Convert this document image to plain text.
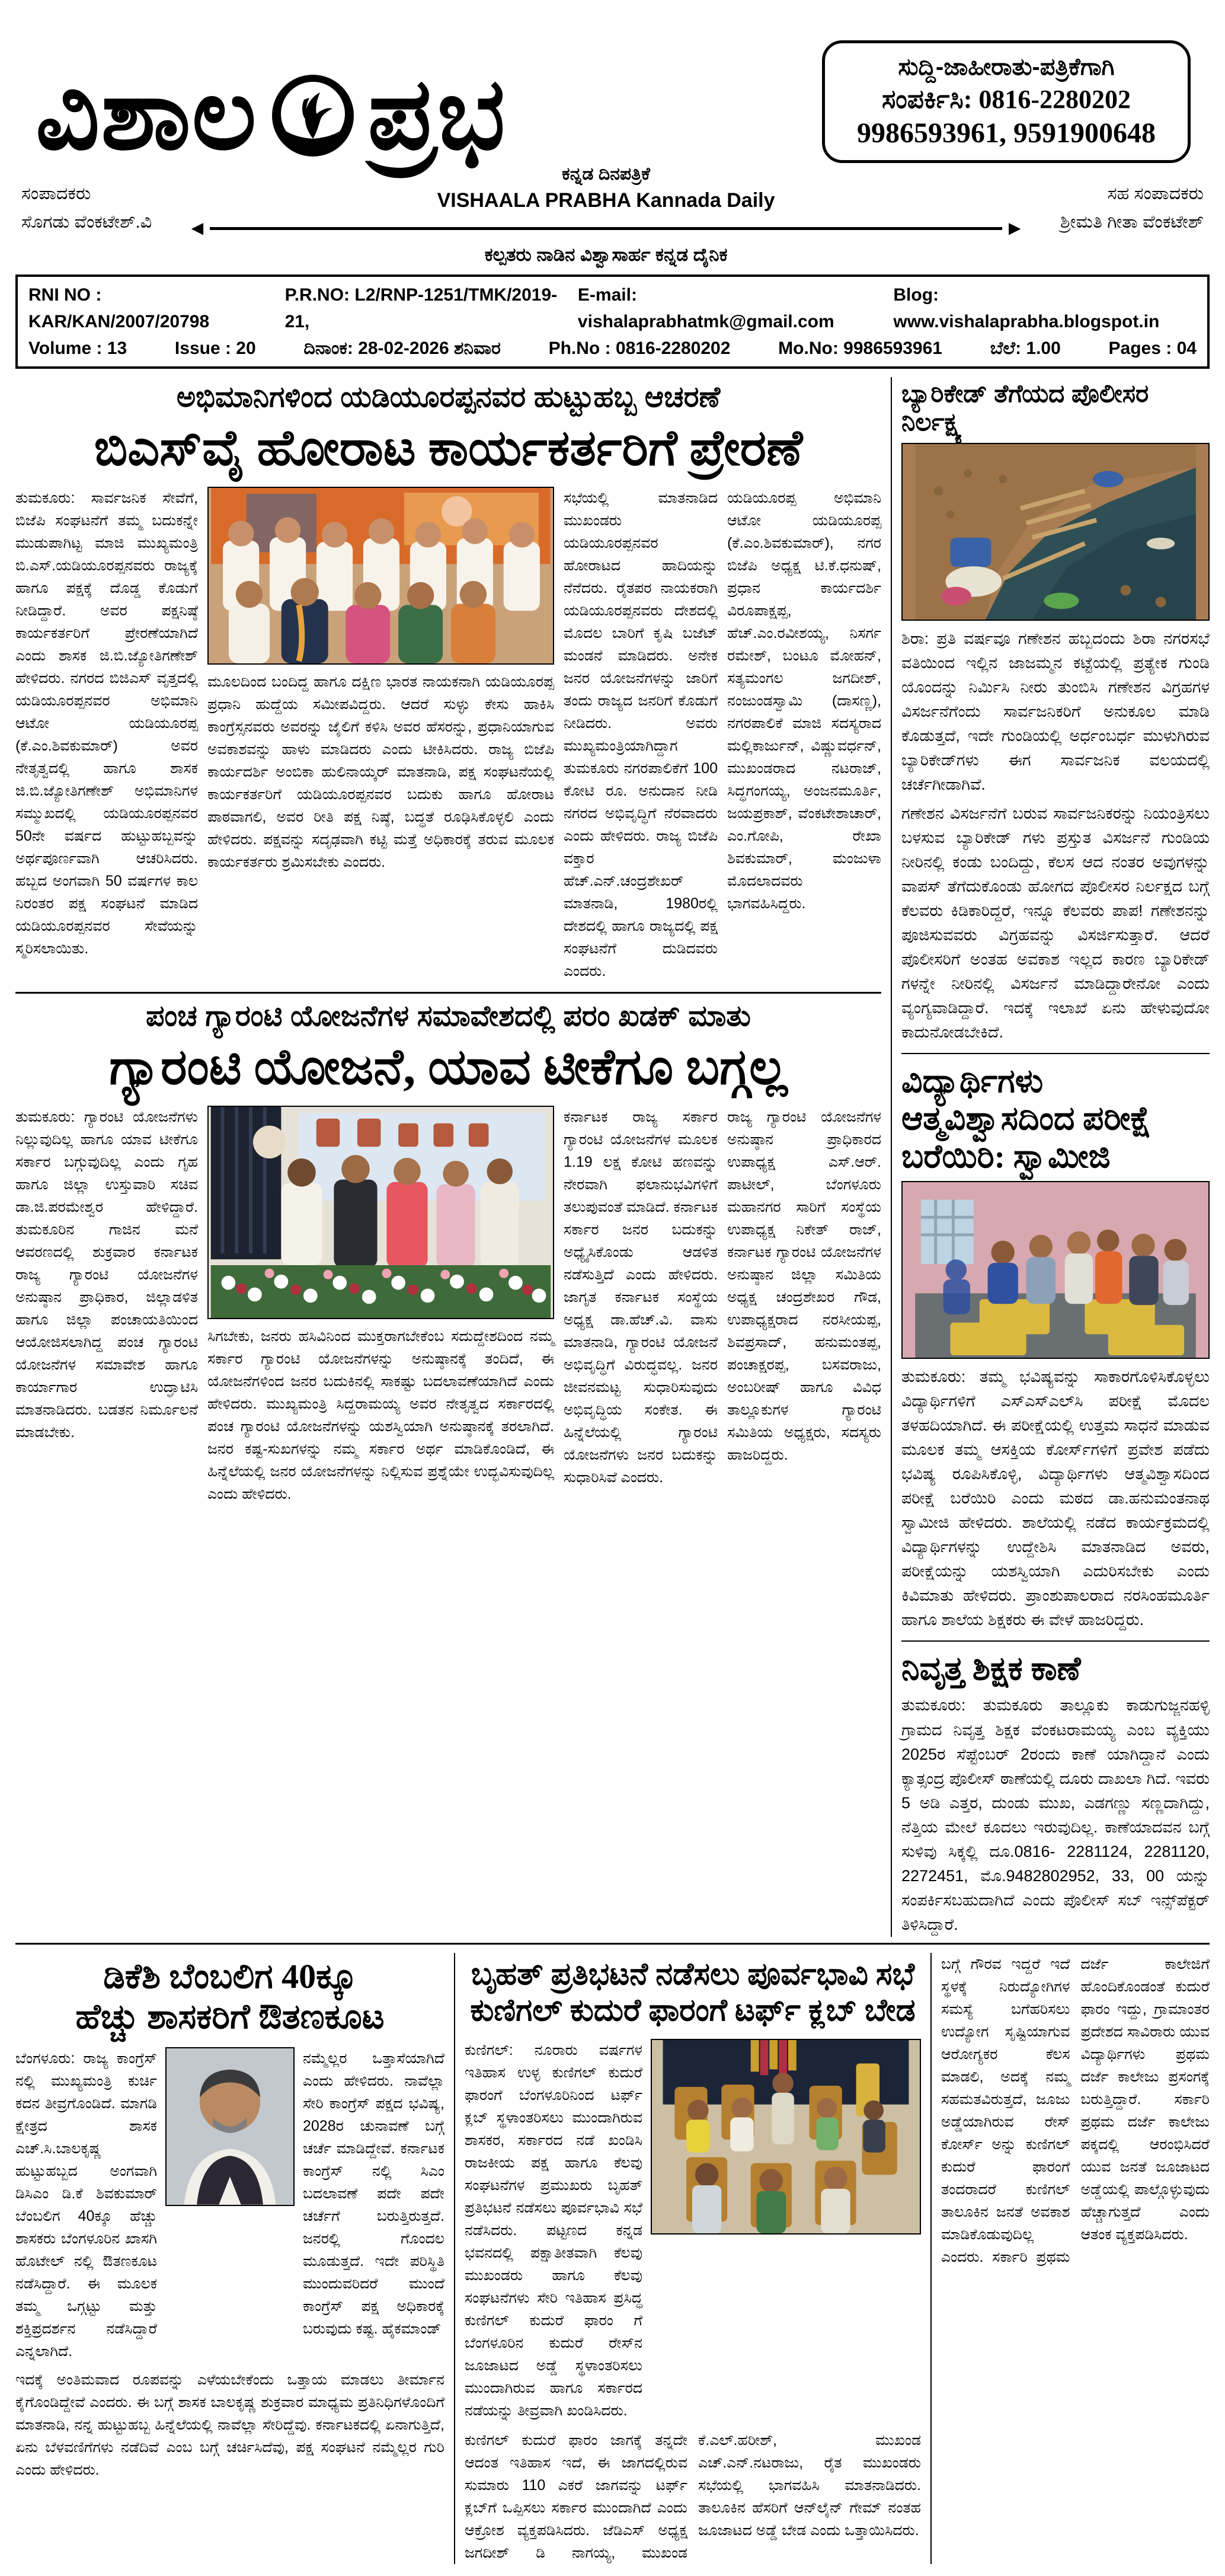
ವಿಶಾಲ ಪ್ರಭ	ಸುದ್ದಿ-ಜಾಹೀರಾತು-ಪತ್ರಿಕೆಗಾಗಿ
ಸಂಪರ್ಕಿಸಿ: 0816-2280202
9986593961, 9591900648
ಸಂಪಾದಕರು
ಸೊಗಡು ವೆಂಕಟೇಶ್.ವಿ
ಕನ್ನಡ ದಿನಪತ್ರಿಕೆ
VISHAALA PRABHA Kannada Daily
◄	►
ಕಲ್ಪತರು ನಾಡಿನ ವಿಶ್ವಾಸಾರ್ಹ ಕನ್ನಡ ದೈನಿಕ
ಸಹ ಸಂಪಾದಕರು
ಶ್ರೀಮತಿ ಗೀತಾ ವೆಂಕಟೇಶ್
RNI NO : KAR/KAN/2007/20798
P.R.NO: L2/RNP-1251/TMK/2019-21,
E-mail: vishalaprabhatmk@gmail.com
Blog: www.vishalaprabha.blogspot.in
Volume : 13	Issue : 20	ದಿನಾಂಕ: 28-02-2026 ಶನಿವಾರ	Ph.No : 0816-2280202	Mo.No: 9986593961	ಬೆಲೆ: 1.00	Pages : 04
ಅಭಿಮಾನಿಗಳಿಂದ ಯಡಿಯೂರಪ್ಪನವರ ಹುಟ್ಟುಹಬ್ಬ ಆಚರಣೆ
ಬಿಎಸ್‌ವೈ ಹೋರಾಟ ಕಾರ್ಯಕರ್ತರಿಗೆ ಪ್ರೇರಣೆ
ತುಮಕೂರು: ಸಾರ್ವಜನಿಕ ಸೇವೆಗೆ, ಬಿಜೆಪಿ ಸಂಘಟನೆಗೆ ತಮ್ಮ ಬದುಕನ್ನೇ ಮುಡುಪಾಗಿಟ್ಟ ಮಾಜಿ ಮುಖ್ಯಮಂತ್ರಿ ಬಿ.ಎಸ್.ಯಡಿಯೂರಪ್ಪನವರು ರಾಜ್ಯಕ್ಕೆ ಹಾಗೂ ಪಕ್ಷಕ್ಕೆ ದೊಡ್ಡ ಕೊಡುಗೆ ನೀಡಿದ್ದಾರೆ. ಅವರ ಪಕ್ಷನಿಷ್ಠೆ ಕಾರ್ಯಕರ್ತರಿಗೆ ಪ್ರೇರಣೆಯಾಗಿದೆ ಎಂದು ಶಾಸಕ ಜಿ.ಬಿ.ಜ್ಯೋತಿಗಣೇಶ್ ಹೇಳಿದರು. ನಗರದ ಬಿಜಿಎಸ್ ವೃತ್ತದಲ್ಲಿ ಯಡಿಯೂರಪ್ಪನವರ ಅಭಿಮಾನಿ ಆಟೋ ಯಡಿಯೂರಪ್ಪ (ಕೆ.ಎಂ.ಶಿವಕುಮಾರ್) ಅವರ ನೇತೃತ್ವದಲ್ಲಿ ಹಾಗೂ ಶಾಸಕ ಜಿ.ಬಿ.ಜ್ಯೋತಿಗಣೇಶ್ ಅಭಿಮಾನಿಗಳ ಸಮ್ಮುಖದಲ್ಲಿ ಯಡಿಯೂರಪ್ಪನವರ 50ನೇ ವರ್ಷದ ಹುಟ್ಟುಹಬ್ಬವನ್ನು ಅರ್ಥಪೂರ್ಣವಾಗಿ ಆಚರಿಸಿದರು. ಹಬ್ಬದ ಅಂಗವಾಗಿ 50 ವರ್ಷಗಳ ಕಾಲ ನಿರಂತರ ಪಕ್ಷ ಸಂಘಟನೆ ಮಾಡಿದ ಯಡಿಯೂರಪ್ಪನವರ ಸೇವೆಯನ್ನು ಸ್ಮರಿಸಲಾಯಿತು.
ಮೂಲದಿಂದ ಬಂದಿದ್ದ ಹಾಗೂ ದಕ್ಷಿಣ ಭಾರತ ನಾಯಕನಾಗಿ ಯಡಿಯೂರಪ್ಪ ಪ್ರಧಾನಿ ಹುದ್ದೆಯ ಸಮೀಪವಿದ್ದರು. ಆದರೆ ಸುಳ್ಳು ಕೇಸು ಹಾಕಿಸಿ ಕಾಂಗ್ರೆಸ್ಸನವರು ಅವರನ್ನು ಜೈಲಿಗೆ ಕಳಿಸಿ ಅವರ ಹೆಸರನ್ನು, ಪ್ರಧಾನಿಯಾಗುವ ಅವಕಾಶವನ್ನು ಹಾಳು ಮಾಡಿದರು ಎಂದು ಟೀಕಿಸಿದರು. ರಾಜ್ಯ ಬಿಜೆಪಿ ಕಾರ್ಯದರ್ಶಿ ಅಂಬಿಕಾ ಹುಲಿನಾಯ್ಕರ್ ಮಾತನಾಡಿ, ಪಕ್ಷ ಸಂಘಟನೆಯಲ್ಲಿ ಕಾರ್ಯಕರ್ತರಿಗೆ ಯಡಿಯೂರಪ್ಪನವರ ಬದುಕು ಹಾಗೂ ಹೋರಾಟ ಪಾಠವಾಗಲಿ, ಅವರ ರೀತಿ ಪಕ್ಷ ನಿಷ್ಠೆ, ಬದ್ಧತೆ ರೂಢಿಸಿಕೊಳ್ಳಲಿ ಎಂದು ಹೇಳಿದರು. ಪಕ್ಷವನ್ನು ಸದೃಢವಾಗಿ ಕಟ್ಟಿ ಮತ್ತೆ ಅಧಿಕಾರಕ್ಕೆ ತರುವ ಮೂಲಕ ಕಾರ್ಯಕರ್ತರು ಶ್ರಮಿಸಬೇಕು ಎಂದರು.
ಸಭೆಯಲ್ಲಿ ಮಾತನಾಡಿದ ಮುಖಂಡರು ಯಡಿಯೂರಪ್ಪನವರ ಹೋರಾಟದ ಹಾದಿಯನ್ನು ನೆನೆದರು. ರೈತಪರ ನಾಯಕರಾಗಿ ಯಡಿಯೂರಪ್ಪನವರು ದೇಶದಲ್ಲಿ ಮೊದಲ ಬಾರಿಗೆ ಕೃಷಿ ಬಜೆಟ್ ಮಂಡನೆ ಮಾಡಿದರು. ಅನೇಕ ಜನರ ಯೋಜನೆಗಳನ್ನು ಜಾರಿಗೆ ತಂದು ರಾಜ್ಯದ ಜನರಿಗೆ ಕೊಡುಗೆ ನೀಡಿದರು. ಅವರು ಮುಖ್ಯಮಂತ್ರಿಯಾಗಿದ್ದಾಗ ತುಮಕೂರು ನಗರಪಾಲಿಕೆಗೆ 100 ಕೋಟಿ ರೂ. ಅನುದಾನ ನೀಡಿ ನಗರದ ಅಭಿವೃದ್ಧಿಗೆ ನೆರವಾದರು ಎಂದು ಹೇಳಿದರು. ರಾಜ್ಯ ಬಿಜೆಪಿ ವಕ್ತಾರ ಹೆಚ್.ಎನ್.ಚಂದ್ರಶೇಖರ್ ಮಾತನಾಡಿ, 1980ರಲ್ಲಿ ದೇಶದಲ್ಲಿ ಹಾಗೂ ರಾಜ್ಯದಲ್ಲಿ ಪಕ್ಷ ಸಂಘಟನೆಗೆ ದುಡಿದವರು ಎಂದರು.
ಯಡಿಯೂರಪ್ಪ ಅಭಿಮಾನಿ ಆಟೋ ಯಡಿಯೂರಪ್ಪ (ಕೆ.ಎಂ.ಶಿವಕುಮಾರ್), ನಗರ ಬಿಜೆಪಿ ಅಧ್ಯಕ್ಷ ಟಿ.ಕೆ.ಧನುಷ್, ಪ್ರಧಾನ ಕಾರ್ಯದರ್ಶಿ ವಿರೂಪಾಕ್ಷಪ್ಪ, ಹೆಚ್.ಎಂ.ರವೀಶಯ್ಯ, ನಿಸರ್ಗ ರಮೇಶ್, ಬಂಟೂ ಮೋಹನ್, ಸತ್ಯಮಂಗಲ ಜಗದೀಶ್, ನಂಜುಂಡಸ್ವಾಮಿ (ದಾಸಣ್ಣ), ನಗರಪಾಲಿಕೆ ಮಾಜಿ ಸದಸ್ಯರಾದ ಮಲ್ಲಿಕಾರ್ಜುನ್, ವಿಷ್ಣುವರ್ಧನ್, ಮುಖಂಡರಾದ ನಟರಾಜ್, ಸಿದ್ಧಗಂಗಯ್ಯ, ಅಂಜನಮೂರ್ತಿ, ಜಯಪ್ರಕಾಶ್, ವೆಂಕಟೇಶಾಚಾರ್, ಎಂ.ಗೋಪಿ, ರೇಖಾ ಶಿವಕುಮಾರ್, ಮಂಜುಳಾ ಮೊದಲಾದವರು ಭಾಗವಹಿಸಿದ್ದರು.
ಪಂಚ ಗ್ಯಾರಂಟಿ ಯೋಜನೆಗಳ ಸಮಾವೇಶದಲ್ಲಿ ಪರಂ ಖಡಕ್ ಮಾತು
ಗ್ಯಾರಂಟಿ ಯೋಜನೆ, ಯಾವ ಟೀಕೆಗೂ ಬಗ್ಗಲ್ಲ
ತುಮಕೂರು: ಗ್ಯಾರಂಟಿ ಯೋಜನೆಗಳು ನಿಲ್ಲುವುದಿಲ್ಲ ಹಾಗೂ ಯಾವ ಟೀಕೆಗೂ ಸರ್ಕಾರ ಬಗ್ಗುವುದಿಲ್ಲ ಎಂದು ಗೃಹ ಹಾಗೂ ಜಿಲ್ಲಾ ಉಸ್ತುವಾರಿ ಸಚಿವ ಡಾ.ಜಿ.ಪರಮೇಶ್ವರ ಹೇಳಿದ್ದಾರೆ. ತುಮಕೂರಿನ ಗಾಜಿನ ಮನೆ ಆವರಣದಲ್ಲಿ ಶುಕ್ರವಾರ ಕರ್ನಾಟಕ ರಾಜ್ಯ ಗ್ಯಾರಂಟಿ ಯೋಜನೆಗಳ ಅನುಷ್ಠಾನ ಪ್ರಾಧಿಕಾರ, ಜಿಲ್ಲಾಡಳಿತ ಹಾಗೂ ಜಿಲ್ಲಾ ಪಂಚಾಯತಿಯಿಂದ ಆಯೋಜಿಸಲಾಗಿದ್ದ ಪಂಚ ಗ್ಯಾರಂಟಿ ಯೋಜನೆಗಳ ಸಮಾವೇಶ ಹಾಗೂ ಕಾರ್ಯಾಗಾರ ಉದ್ಘಾಟಿಸಿ ಮಾತನಾಡಿದರು. ಬಡತನ ನಿರ್ಮೂಲನೆ ಮಾಡಬೇಕು.
ಸಿಗಬೇಕು, ಜನರು ಹಸಿವಿನಿಂದ ಮುಕ್ತರಾಗಬೇಕೆಂಬ ಸದುದ್ದೇಶದಿಂದ ನಮ್ಮ ಸರ್ಕಾರ ಗ್ಯಾರಂಟಿ ಯೋಜನೆಗಳನ್ನು ಅನುಷ್ಠಾನಕ್ಕೆ ತಂದಿದೆ, ಈ ಯೋಜನೆಗಳಿಂದ ಜನರ ಬದುಕಿನಲ್ಲಿ ಸಾಕಷ್ಟು ಬದಲಾವಣೆಯಾಗಿದೆ ಎಂದು ಹೇಳಿದರು. ಮುಖ್ಯಮಂತ್ರಿ ಸಿದ್ದರಾಮಯ್ಯ ಅವರ ನೇತೃತ್ವದ ಸರ್ಕಾರದಲ್ಲಿ ಪಂಚ ಗ್ಯಾರಂಟಿ ಯೋಜನೆಗಳನ್ನು ಯಶಸ್ವಿಯಾಗಿ ಅನುಷ್ಠಾನಕ್ಕೆ ತರಲಾಗಿದೆ. ಜನರ ಕಷ್ಟ-ಸುಖಗಳನ್ನು ನಮ್ಮ ಸರ್ಕಾರ ಅರ್ಥ ಮಾಡಿಕೊಂಡಿದೆ, ಈ ಹಿನ್ನೆಲೆಯಲ್ಲಿ ಜನರ ಯೋಜನೆಗಳನ್ನು ನಿಲ್ಲಿಸುವ ಪ್ರಶ್ನೆಯೇ ಉದ್ಭವಿಸುವುದಿಲ್ಲ ಎಂದು ಹೇಳಿದರು.
ಕರ್ನಾಟಕ ರಾಜ್ಯ ಸರ್ಕಾರ ಗ್ಯಾರಂಟಿ ಯೋಜನೆಗಳ ಮೂಲಕ 1.19 ಲಕ್ಷ ಕೋಟಿ ಹಣವನ್ನು ನೇರವಾಗಿ ಫಲಾನುಭವಿಗಳಿಗೆ ತಲುಪುವಂತೆ ಮಾಡಿದೆ. ಕರ್ನಾಟಕ ಸರ್ಕಾರ ಜನರ ಬದುಕನ್ನು ಅಧ್ಯೈಸಿಕೊಂಡು ಆಡಳಿತ ನಡೆಸುತ್ತಿದೆ ಎಂದು ಹೇಳಿದರು. ಜಾಗೃತ ಕರ್ನಾಟಕ ಸಂಸ್ಥೆಯ ಅಧ್ಯಕ್ಷ ಡಾ.ಹೆಚ್.ವಿ. ವಾಸು ಮಾತನಾಡಿ, ಗ್ಯಾರಂಟಿ ಯೋಜನೆ ಅಭಿವೃದ್ಧಿಗೆ ವಿರುದ್ಧವಲ್ಲ. ಜನರ ಜೀವನಮಟ್ಟ ಸುಧಾರಿಸುವುದು ಅಭಿವೃದ್ಧಿಯ ಸಂಕೇತ. ಈ ಹಿನ್ನೆಲೆಯಲ್ಲಿ ಗ್ಯಾರಂಟಿ ಯೋಜನೆಗಳು ಜನರ ಬದುಕನ್ನು ಸುಧಾರಿಸಿವೆ ಎಂದರು.
ರಾಜ್ಯ ಗ್ಯಾರಂಟಿ ಯೋಜನೆಗಳ ಅನುಷ್ಠಾನ ಪ್ರಾಧಿಕಾರದ ಉಪಾಧ್ಯಕ್ಷ ಎಸ್.ಆರ್. ಪಾಟೀಲ್, ಬೆಂಗಳೂರು ಮಹಾನಗರ ಸಾರಿಗೆ ಸಂಸ್ಥೆಯ ಉಪಾಧ್ಯಕ್ಷ ನಿಕೇತ್ ರಾಜ್, ಕರ್ನಾಟಕ ಗ್ಯಾರಂಟಿ ಯೋಜನೆಗಳ ಅನುಷ್ಠಾನ ಜಿಲ್ಲಾ ಸಮಿತಿಯ ಅಧ್ಯಕ್ಷ ಚಂದ್ರಶೇಖರ ಗೌಡ, ಉಪಾಧ್ಯಕ್ಷರಾದ ನರಸೀಯಪ್ಪ, ಶಿವಪ್ರಸಾದ್, ಹನುಮಂತಪ್ಪ, ಪಂಚಾಕ್ಷರಪ್ಪ, ಬಸವರಾಜು, ಅಂಬರೀಷ್ ಹಾಗೂ ವಿವಿಧ ತಾಲ್ಲೂಕುಗಳ ಗ್ಯಾರಂಟಿ ಸಮಿತಿಯ ಅಧ್ಯಕ್ಷರು, ಸದಸ್ಯರು ಹಾಜರಿದ್ದರು.
ಬ್ಯಾರಿಕೇಡ್ ತೆಗೆಯದ ಪೊಲೀಸರ ನಿರ್ಲಕ್ಷ್ಯ
ಶಿರಾ: ಪ್ರತಿ ವರ್ಷವೂ ಗಣೇಶನ ಹಬ್ಬದಂದು ಶಿರಾ ನಗರಸಭೆ ವತಿಯಿಂದ ಇಲ್ಲಿನ ಜಾಜಮ್ಮನ ಕಟ್ಟೆಯಲ್ಲಿ ಪ್ರತ್ಯೇಕ ಗುಂಡಿ ಯೊಂದನ್ನು ನಿರ್ಮಿಸಿ ನೀರು ತುಂಬಿಸಿ ಗಣೇಶನ ವಿಗ್ರಹಗಳ ವಿಸರ್ಜನೆಗೆಂದು ಸಾರ್ವಜನಿಕರಿಗೆ ಅನುಕೂಲ ಮಾಡಿ ಕೊಡುತ್ತದೆ, ಇದೇ ಗುಂಡಿಯಲ್ಲಿ ಅರ್ಧಂಬರ್ಧ ಮುಳುಗಿರುವ ಬ್ಯಾರಿಕೇಡ್‌ಗಳು ಈಗ ಸಾರ್ವಜನಿಕ ವಲಯದಲ್ಲಿ ಚರ್ಚೆಗೀಡಾಗಿವೆ.
ಗಣೇಶನ ವಿಸರ್ಜನೆಗೆ ಬರುವ ಸಾರ್ವಜನಿಕರನ್ನು ನಿಯಂತ್ರಿಸಲು ಬಳಸುವ ಬ್ಯಾರಿಕೇಡ್ ಗಳು ಪ್ರಸ್ತುತ ವಿಸರ್ಜನೆ ಗುಂಡಿಯ ನೀರಿನಲ್ಲಿ ಕಂಡು ಬಂದಿದ್ದು, ಕೆಲಸ ಆದ ನಂತರ ಅವುಗಳನ್ನು ವಾಪಸ್ ತೆಗೆದುಕೊಂಡು ಹೋಗದ ಪೊಲೀಸರ ನಿರ್ಲಕ್ಷದ ಬಗ್ಗೆ ಕೆಲವರು ಕಿಡಿಕಾರಿದ್ದರೆ, ಇನ್ನೂ ಕೆಲವರು ಪಾಪ! ಗಣೇಶನನ್ನು ಪೂಜಿಸುವವರು ವಿಗ್ರಹವನ್ನು ವಿಸರ್ಜಿಸುತ್ತಾರೆ. ಆದರೆ ಪೊಲೀಸರಿಗೆ ಅಂತಹ ಅವಕಾಶ ಇಲ್ಲದ ಕಾರಣ ಬ್ಯಾರಿಕೇಡ್ ಗಳನ್ನೇ ನೀರಿನಲ್ಲಿ ವಿಸರ್ಜನೆ ಮಾಡಿದ್ದಾರೇನೋ ಎಂದು ವ್ಯಂಗ್ಯವಾಡಿದ್ದಾರೆ. ಇದಕ್ಕೆ ಇಲಾಖೆ ಏನು ಹೇಳುವುದೋ ಕಾದುನೋಡಬೇಕಿದೆ.
ವಿದ್ಯಾರ್ಥಿಗಳು ಆತ್ಮವಿಶ್ವಾಸದಿಂದ ಪರೀಕ್ಷೆ ಬರೆಯಿರಿ: ಸ್ವಾಮೀಜಿ
ತುಮಕೂರು: ತಮ್ಮ ಭವಿಷ್ಯವನ್ನು ಸಾಕಾರಗೊಳಿಸಿಕೊಳ್ಳಲು ವಿದ್ಯಾರ್ಥಿಗಳಿಗೆ ಎಸ್‌ಎಸ್‌ಎಲ್‌ಸಿ ಪರೀಕ್ಷೆ ಮೊದಲ ತಳಹದಿಯಾಗಿದೆ. ಈ ಪರೀಕ್ಷೆಯಲ್ಲಿ ಉತ್ತಮ ಸಾಧನೆ ಮಾಡುವ ಮೂಲಕ ತಮ್ಮ ಆಸಕ್ತಿಯ ಕೋರ್ಸ್‌ಗಳಿಗೆ ಪ್ರವೇಶ ಪಡೆದು ಭವಿಷ್ಯ ರೂಪಿಸಿಕೊಳ್ಳಿ, ವಿದ್ಯಾರ್ಥಿಗಳು ಆತ್ಮವಿಶ್ವಾಸದಿಂದ ಪರೀಕ್ಷೆ ಬರೆಯಿರಿ ಎಂದು ಮಠದ ಡಾ.ಹನುಮಂತನಾಥ ಸ್ವಾಮೀಜಿ ಹೇಳಿದರು. ಶಾಲೆಯಲ್ಲಿ ನಡೆದ ಕಾರ್ಯಕ್ರಮದಲ್ಲಿ ವಿದ್ಯಾರ್ಥಿಗಳನ್ನು ಉದ್ದೇಶಿಸಿ ಮಾತನಾಡಿದ ಅವರು, ಪರೀಕ್ಷೆಯನ್ನು ಯಶಸ್ವಿಯಾಗಿ ಎದುರಿಸಬೇಕು ಎಂದು ಕಿವಿಮಾತು ಹೇಳಿದರು. ಪ್ರಾಂಶುಪಾಲರಾದ ನರಸಿಂಹಮೂರ್ತಿ ಹಾಗೂ ಶಾಲೆಯ ಶಿಕ್ಷಕರು ಈ ವೇಳೆ ಹಾಜರಿದ್ದರು.
ನಿವೃತ್ತ ಶಿಕ್ಷಕ ಕಾಣೆ
ತುಮಕೂರು: ತುಮಕೂರು ತಾಲ್ಲೂಕು ಕಾಡುಗುಜ್ಜನಹಳ್ಳಿ ಗ್ರಾಮದ ನಿವೃತ್ತ ಶಿಕ್ಷಕ ವೆಂಕಟರಾಮಯ್ಯ ಎಂಬ ವ್ಯಕ್ತಿಯು 2025ರ ಸೆಪ್ಟೆಂಬರ್ 2ರಂದು ಕಾಣೆ ಯಾಗಿದ್ದಾನೆ ಎಂದು ಕ್ಯಾತ್ಸಂದ್ರ ಪೊಲೀಸ್ ಠಾಣೆಯಲ್ಲಿ ದೂರು ದಾಖಲಾ ಗಿದೆ. ಇವರು 5 ಅಡಿ ಎತ್ತರ, ದುಂಡು ಮುಖ, ಎಡಗಣ್ಣು ಸಣ್ಣದಾಗಿದ್ದು, ನೆತ್ತಿಯ ಮೇಲೆ ಕೂದಲು ಇರುವುದಿಲ್ಲ. ಕಾಣೆಯಾದವನ ಬಗ್ಗೆ ಸುಳಿವು ಸಿಕ್ಕಲ್ಲಿ ದೂ.0816- 2281124, 2281120, 2272451, ಮೊ.9482802952, 33, 00 ಯನ್ನು ಸಂಪರ್ಕಿಸಬಹುದಾಗಿದೆ ಎಂದು ಪೊಲೀಸ್ ಸಬ್ ಇನ್ಸ್‌ಪೆಕ್ಟರ್ ತಿಳಿಸಿದ್ದಾರೆ.
ಡಿಕೆಶಿ ಬೆಂಬಲಿಗ 40ಕ್ಕೂ
ಹೆಚ್ಚು ಶಾಸಕರಿಗೆ ಔತಣಕೂಟ
ಬೆಂಗಳೂರು: ರಾಜ್ಯ ಕಾಂಗ್ರೆಸ್ ನಲ್ಲಿ ಮುಖ್ಯಮಂತ್ರಿ ಕುರ್ಚಿ ಕದನ ತೀವ್ರಗೊಂಡಿದೆ. ಮಾಗಡಿ ಕ್ಷೇತ್ರದ ಶಾಸಕ ಎಚ್.ಸಿ.ಬಾಲಕೃಷ್ಣ ಹುಟ್ಟುಹಬ್ಬದ ಅಂಗವಾಗಿ ಡಿಸಿಎಂ ಡಿ.ಕೆ ಶಿವಕುಮಾರ್ ಬೆಂಬಲಿಗ 40ಕ್ಕೂ ಹೆಚ್ಚು ಶಾಸಕರು ಬೆಂಗಳೂರಿನ ಖಾಸಗಿ ಹೊಟೇಲ್ ನಲ್ಲಿ ಔತಣಕೂಟ ನಡೆಸಿದ್ದಾರೆ. ಈ ಮೂಲಕ ತಮ್ಮ ಒಗ್ಗಟ್ಟು ಮತ್ತು ಶಕ್ತಿಪ್ರದರ್ಶನ ನಡೆಸಿದ್ದಾರೆ ಎನ್ನಲಾಗಿದೆ.
ನಮ್ಮೆಲ್ಲರ ಒತ್ತಾಸೆಯಾಗಿದೆ ಎಂದು ಹೇಳಿದರು. ನಾವೆಲ್ಲಾ ಸೇರಿ ಕಾಂಗ್ರೆಸ್ ಪಕ್ಷದ ಭವಿಷ್ಯ, 2028ರ ಚುನಾವಣೆ ಬಗ್ಗೆ ಚರ್ಚೆ ಮಾಡಿದ್ದೇವೆ. ಕರ್ನಾಟಕ ಕಾಂಗ್ರೆಸ್ ನಲ್ಲಿ ಸಿಎಂ ಬದಲಾವಣೆ ಪದೇ ಪದೇ ಚರ್ಚೆಗೆ ಬರುತ್ತಿರುತ್ತದೆ. ಜನರಲ್ಲಿ ಗೊಂದಲ ಮೂಡುತ್ತದೆ. ಇದೇ ಪರಿಸ್ಥಿತಿ ಮುಂದುವರಿದರೆ ಮುಂದೆ ಕಾಂಗ್ರೆಸ್ ಪಕ್ಷ ಅಧಿಕಾರಕ್ಕೆ ಬರುವುದು ಕಷ್ಟ. ಹೈಕಮಾಂಡ್
ಇದಕ್ಕೆ ಅಂತಿಮವಾದ ರೂಪವನ್ನು ಎಳೆಯಬೇಕೆಂದು ಒತ್ತಾಯ ಮಾಡಲು ತೀರ್ಮಾನ ಕೈಗೊಂಡಿದ್ದೇವೆ ಎಂದರು. ಈ ಬಗ್ಗೆ ಶಾಸಕ ಬಾಲಕೃಷ್ಣ ಶುಕ್ರವಾರ ಮಾಧ್ಯಮ ಪ್ರತಿನಿಧಿಗಳೊಂದಿಗೆ ಮಾತನಾಡಿ, ನನ್ನ ಹುಟ್ಟುಹಬ್ಬ ಹಿನ್ನೆಲೆಯಲ್ಲಿ ನಾವೆಲ್ಲಾ ಸೇರಿದ್ದೆವು. ಕರ್ನಾಟಕದಲ್ಲಿ ಏನಾಗುತ್ತಿದೆ, ಏನು ಬೆಳವಣಿಗೆಗಳು ನಡೆದಿವೆ ಎಂಬ ಬಗ್ಗೆ ಚರ್ಚಿಸಿದೆವು, ಪಕ್ಷ ಸಂಘಟನೆ ನಮ್ಮೆಲ್ಲರ ಗುರಿ ಎಂದು ಹೇಳಿದರು.
ಬೃಹತ್ ಪ್ರತಿಭಟನೆ ನಡೆಸಲು ಪೂರ್ವಭಾವಿ ಸಭೆ
ಕುಣಿಗಲ್ ಕುದುರೆ ಫಾರಂಗೆ ಟರ್ಫ್ ಕ್ಲಬ್ ಬೇಡ
ಕುಣಿಗಲ್: ನೂರಾರು ವರ್ಷಗಳ ಇತಿಹಾಸ ಉಳ್ಳ ಕುಣಿಗಲ್ ಕುದುರೆ ಫಾರಂಗೆ ಬೆಂಗಳೂರಿನಿಂದ ಟರ್ಫ್ ಕ್ಲಬ್ ಸ್ಥಳಾಂತರಿಸಲು ಮುಂದಾಗಿರುವ ಶಾಸಕರ, ಸರ್ಕಾರದ ನಡೆ ಖಂಡಿಸಿ ರಾಜಕೀಯ ಪಕ್ಷ ಹಾಗೂ ಕೆಲವು ಸಂಘಟನೆಗಳ ಪ್ರಮುಖರು ಬೃಹತ್ ಪ್ರತಿಭಟನೆ ನಡೆಸಲು ಪೂರ್ವಭಾವಿ ಸಭೆ ನಡೆಸಿದರು. ಪಟ್ಟಣದ ಕನ್ನಡ ಭವನದಲ್ಲಿ ಪಕ್ಷಾತೀತವಾಗಿ ಕೆಲವು ಮುಖಂಡರು ಹಾಗೂ ಕೆಲವು ಸಂಘಟನೆಗಳು ಸೇರಿ ಇತಿಹಾಸ ಪ್ರಸಿದ್ಧ ಕುಣಿಗಲ್ ಕುದುರೆ ಫಾರಂ ಗೆ ಬೆಂಗಳೂರಿನ ಕುದುರೆ ರೇಸ್‌ನ ಜೂಜಾಟದ ಅಡ್ಡೆ ಸ್ಥಳಾಂತರಿಸಲು ಮುಂದಾಗಿರುವ ಹಾಗೂ ಸರ್ಕಾರದ ನಡೆಯನ್ನು ತೀವ್ರವಾಗಿ ಖಂಡಿಸಿದರು.
ಕುಣಿಗಲ್ ಕುದುರೆ ಫಾರಂ ಜಾಗಕ್ಕೆ ತನ್ನದೇ ಆದಂತ ಇತಿಹಾಸ ಇದೆ, ಈ ಜಾಗದಲ್ಲಿರುವ ಸುಮಾರು 110 ಎಕರೆ ಜಾಗವನ್ನು ಟರ್ಫ್ ಕ್ಲಬ್‌ಗೆ ಒಪ್ಪಿಸಲು ಸರ್ಕಾರ ಮುಂದಾಗಿದೆ ಎಂದು ಆಕ್ರೋಶ ವ್ಯಕ್ತಪಡಿಸಿದರು. ಜೆಡಿಎಸ್ ಅಧ್ಯಕ್ಷ ಜಗದೀಶ್ ಡಿ ನಾಗಯ್ಯ, ಮುಖಂಡ ಕೆ.ಎಲ್.ಹರೀಶ್, ಮುಖಂಡ ಎಚ್.ಎನ್.ನಟರಾಜು, ರೈತ ಮುಖಂಡರು ಸಭೆಯಲ್ಲಿ ಭಾಗವಹಿಸಿ ಮಾತನಾಡಿದರು. ತಾಲೂಕಿನ ಹೆಸರಿಗೆ ಆನ್‌ಲೈನ್ ಗೇಮ್ ನಂತಹ ಜೂಜಾಟದ ಅಡ್ಡೆ ಬೇಡ ಎಂದು ಒತ್ತಾಯಿಸಿದರು.
ಬಗ್ಗೆ ಗೌರವ ಇದ್ದರೆ ಇದೆ ಸ್ಥಳಕ್ಕೆ ನಿರುದ್ಯೋಗಿಗಳ ಸಮಸ್ಯೆ ಬಗೆಹರಿಸಲು ಉದ್ಯೋಗ ಸೃಷ್ಟಿಯಾಗುವ ಆರೋಗ್ಯಕರ ಕೆಲಸ ಮಾಡಲಿ, ಅದಕ್ಕೆ ನಮ್ಮ ಸಹಮತವಿರುತ್ತದೆ, ಜೂಜು ಅಡ್ಡೆಯಾಗಿರುವ ರೇಸ್ ಕೋರ್ಸ್ ಅನ್ನು ಕುಣಿಗಲ್ ಕುದುರೆ ಫಾರಂಗೆ ತಂದರಾದರೆ ಕುಣಿಗಲ್ ತಾಲೂಕಿನ ಜನತೆ ಅವಕಾಶ ಮಾಡಿಕೊಡುವುದಿಲ್ಲ ಎಂದರು. ಸರ್ಕಾರಿ ಪ್ರಥಮ ದರ್ಜೆ ಕಾಲೇಜಿಗೆ ಹೊಂದಿಕೊಂಡಂತೆ ಕುದುರೆ ಫಾರಂ ಇದ್ದು, ಗ್ರಾಮಾಂತರ ಪ್ರದೇಶದ ಸಾವಿರಾರು ಯುವ ವಿದ್ಯಾರ್ಥಿಗಳು ಪ್ರಥಮ ದರ್ಜೆ ಕಾಲೇಜು ಪ್ರಸಂಗಕ್ಕೆ ಬರುತ್ತಿದ್ದಾರೆ. ಸರ್ಕಾರಿ ಪ್ರಥಮ ದರ್ಜೆ ಕಾಲೇಜು ಪಕ್ಕದಲ್ಲಿ ಆರಂಭಿಸಿದರೆ ಯುವ ಜನತೆ ಜೂಜಾಟದ ಅಡ್ಡೆಯಲ್ಲಿ ಪಾಲ್ಗೊಳ್ಳುವುದು ಹೆಚ್ಚಾಗುತ್ತದೆ ಎಂದು ಆತಂಕ ವ್ಯಕ್ತಪಡಿಸಿದರು.
